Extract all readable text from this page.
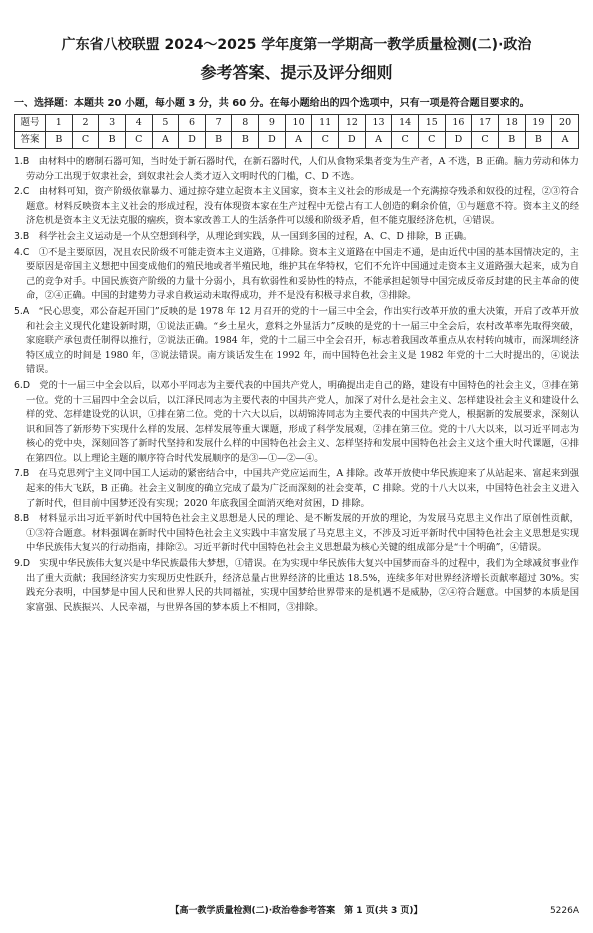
广东省八校联盟 2024～2025 学年度第一学期高一教学质量检测(二)·政治
参考答案、提示及评分细则
一、选择题：本题共 20 小题，每小题 3 分，共 60 分。在每小题给出的四个选项中，只有一项是符合题目要求的。
题号	1	2	3	4	5	6	7	8	9	10	11	12	13	14	15	16	17	18	19	20
答案	B	C	B	C	A	D	B	B	D	A	C	D	A	C	C	D	C	B	B	A

1.B　 由材料中的磨制石器可知，当时处于新石器时代，在新石器时代，人们从食物采集者变为生产者，A 不选，B 正确。脑力劳动和体力劳动分工出现于奴隶社会，到奴隶社会人类才迈入文明时代的门槛，C、D 不选。

2.C　 由材料可知，资产阶级依靠暴力、通过掠夺建立起资本主义国家，资本主义社会的形成是一个充满掠夺残杀和奴役的过程，②③符合题意。材料反映资本主义社会的形成过程，没有体现资本家在生产过程中无偿占有工人创造的剩余价值，①与题意不符。资本主义的经济危机是资本主义无法克服的痼疾，资本家改善工人的生活条件可以缓和阶级矛盾，但不能克服经济危机，④错误。

3.B　 科学社会主义运动是一个从空想到科学，从理论到实践，从一国到多国的过程，A、C、D 排除，B 正确。

4.C　 ①不是主要原因，况且农民阶级不可能走资本主义道路，①排除。资本主义道路在中国走不通，是由近代中国的基本国情决定的，主要原因是帝国主义想把中国变成他们的殖民地或者半殖民地，维护其在华特权，它们不允许中国通过走资本主义道路强大起来，成为自己的竞争对手。中国民族资产阶级的力量十分弱小，具有软弱性和妥协性的特点，不能承担起领导中国完成反帝反封建的民主革命的使命，②④正确。中国的封建势力寻求自救运动未取得成功，并不是没有积极寻求自救，③排除。

5.A　 “民心思变，邓公奋起开国门”反映的是 1978 年 12 月召开的党的十一届三中全会，作出实行改革开放的重大决策，开启了改革开放和社会主义现代化建设新时期，①说法正确。“乡土星火，意料之外显活力”反映的是党的十一届三中全会后，农村改革率先取得突破，家庭联产承包责任制得以推行，②说法正确。1984 年，党的十二届三中全会召开，标志着我国改革重点从农村转向城市，而深圳经济特区成立的时间是 1980 年，③说法错误。南方谈话发生在 1992 年，而中国特色社会主义是 1982 年党的十二大时提出的，④说法错误。

6.D　 党的十一届三中全会以后，以邓小平同志为主要代表的中国共产党人，明确提出走自己的路，建设有中国特色的社会主义，③排在第一位。党的十三届四中全会以后，以江泽民同志为主要代表的中国共产党人，加深了对什么是社会主义、怎样建设社会主义和建设什么样的党、怎样建设党的认识，①排在第二位。党的十六大以后，以胡锦涛同志为主要代表的中国共产党人，根据新的发展要求，深刻认识和回答了新形势下实现什么样的发展、怎样发展等重大课题，形成了科学发展观，②排在第三位。党的十八大以来，以习近平同志为核心的党中央，深刻回答了新时代坚持和发展什么样的中国特色社会主义、怎样坚持和发展中国特色社会主义这个重大时代课题，④排在第四位。以上理论主题的顺序符合时代发展顺序的是③—①—②—④。

7.B　 在马克思列宁主义同中国工人运动的紧密结合中，中国共产党应运而生，A 排除。改革开放使中华民族迎来了从站起来、富起来到强起来的伟大飞跃，B 正确。社会主义制度的确立完成了最为广泛而深刻的社会变革，C 排除。党的十八大以来，中国特色社会主义进入了新时代，但目前中国梦还没有实现；2020 年底我国全面消灭绝对贫困，D 排除。

8.B　 材料显示出习近平新时代中国特色社会主义思想是人民的理论、是不断发展的开放的理论，为发展马克思主义作出了原创性贡献，①③符合题意。材料强调在新时代中国特色社会主义实践中丰富发展了马克思主义，不涉及习近平新时代中国特色社会主义思想是实现中华民族伟大复兴的行动指南，排除②。习近平新时代中国特色社会主义思想最为核心关键的组成部分是“十个明确”，④错误。

9.D　 实现中华民族伟大复兴是中华民族最伟大梦想，①错误。在为实现中华民族伟大复兴中国梦而奋斗的过程中，我们为全球减贫事业作出了重大贡献；我国经济实力实现历史性跃升，经济总量占世界经济的比重达 18.5%，连续多年对世界经济增长贡献率超过 30%。实践充分表明，中国梦是中国人民和世界人民的共同福祉，实现中国梦给世界带来的是机遇不是威胁，②④符合题意。中国梦的本质是国家富强、民族振兴、人民幸福，与世界各国的梦本质上不相同，③排除。

【高一教学质量检测(二)·政治卷参考答案　第 1 页(共 3 页)】	5226A
